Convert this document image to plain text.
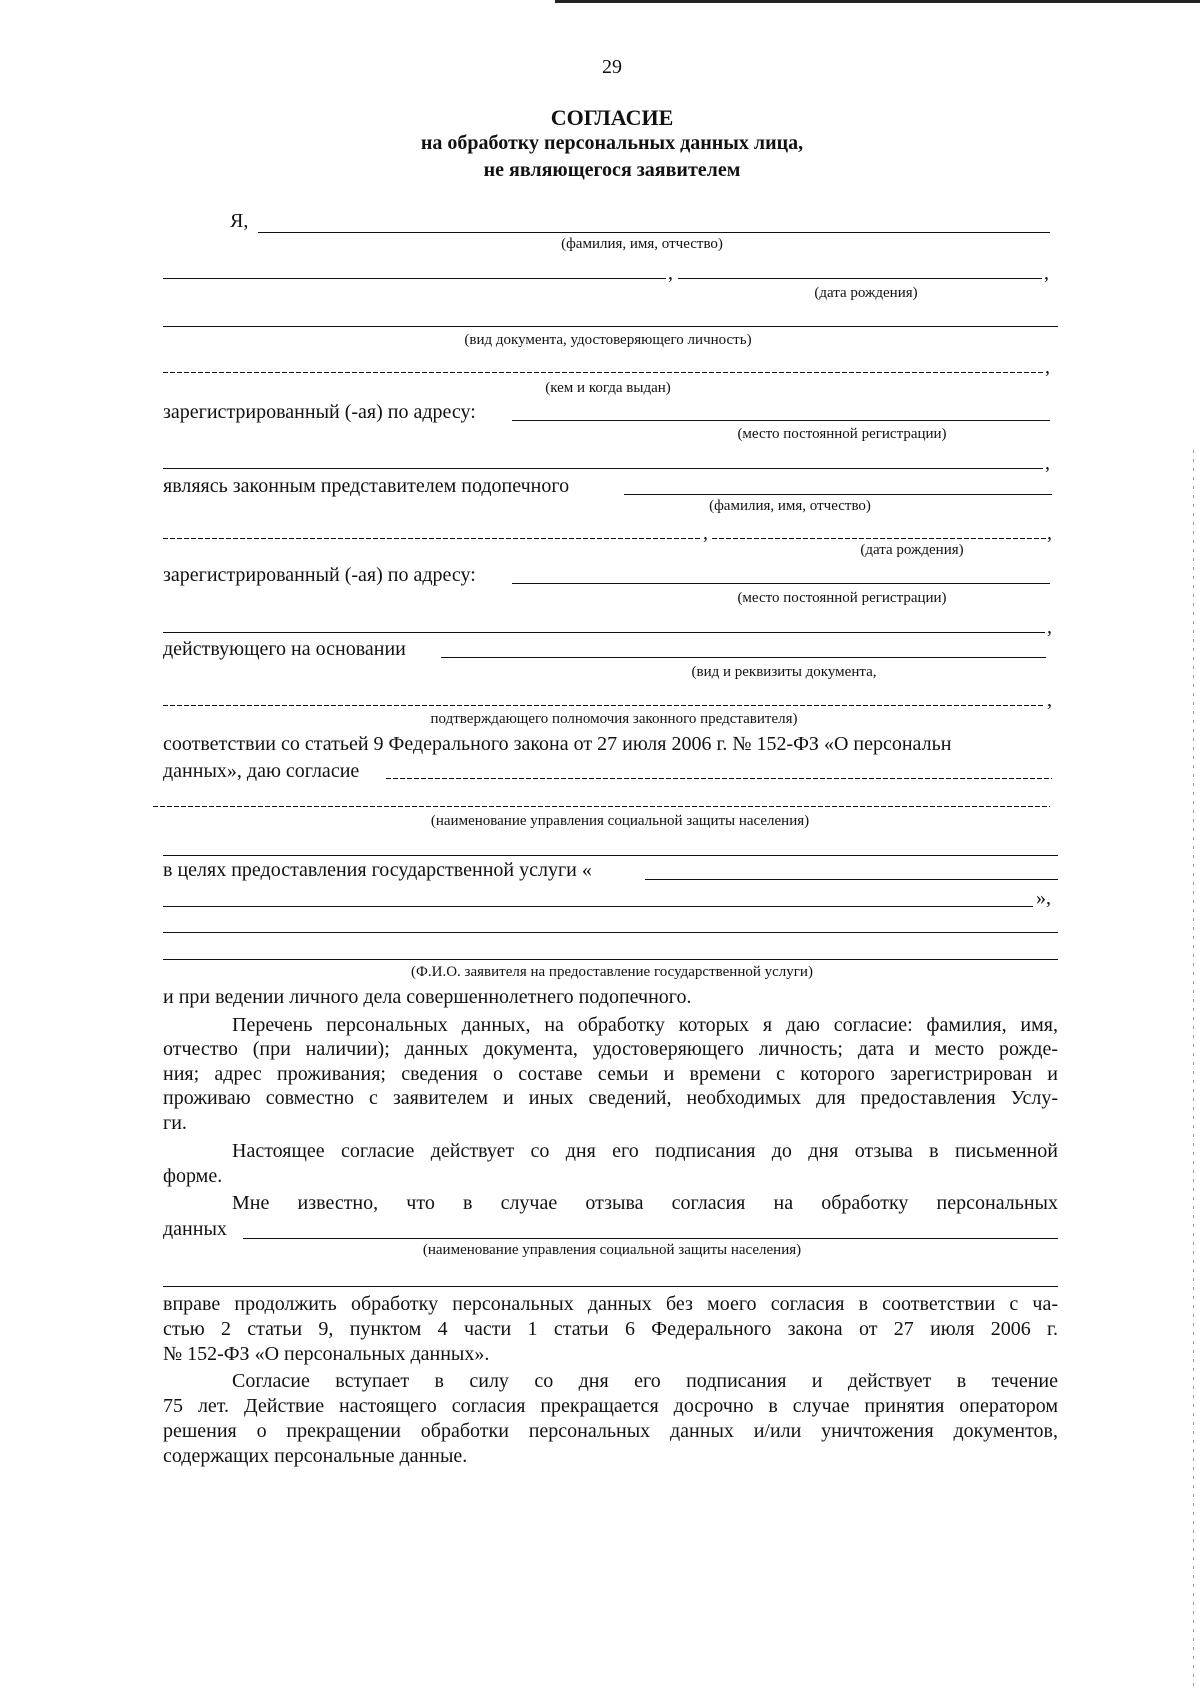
29
СОГЛАСИЕ
на обработку персональных данных лица,
не являющегося заявителем
Я,
(фамилия, имя, отчество)
,	,
(дата рождения)
(вид документа, удостоверяющего личность)
,
(кем и когда выдан)
зарегистрированный (-ая) по адресу:
(место постоянной регистрации)
,
являясь законным представителем подопечного
(фамилия, имя, отчество)
,	,
(дата рождения)
зарегистрированный (-ая) по адресу:
(место постоянной регистрации)
,
действующего на основании
(вид и реквизиты документа,
,
подтверждающего полномочия законного представителя)
соответствии со статьей 9 Федерального закона от 27 июля 2006 г. № 152-ФЗ «О персональн
данных», даю согласие
(наименование управления социальной защиты населения)
в целях предоставления государственной услуги «
»,
(Ф.И.О. заявителя на предоставление государственной услуги)
и при ведении личного дела совершеннолетнего подопечного.
Перечень персональных данных, на обработку которых я даю согласие: фамилия, имя,
отчество (при наличии); данных документа, удостоверяющего личность; дата и место рожде-
ния; адрес проживания; сведения о составе семьи и времени с которого зарегистрирован и
проживаю совместно с заявителем и иных сведений, необходимых для предоставления Услу-
ги.
Настоящее согласие действует со дня его подписания до дня отзыва в письменной
форме.
Мне известно, что в случае отзыва согласия на обработку персональных
данных
(наименование управления социальной защиты населения)
вправе продолжить обработку персональных данных без моего согласия в соответствии с ча-
стью 2 статьи 9, пунктом 4 части 1 статьи 6 Федерального закона от 27 июля 2006 г.
№ 152-ФЗ «О персональных данных».
Согласие вступает в силу со дня его подписания и действует в течение
75 лет. Действие настоящего согласия прекращается досрочно в случае принятия оператором
решения о прекращении обработки персональных данных и/или уничтожения документов,
содержащих персональные данные.
